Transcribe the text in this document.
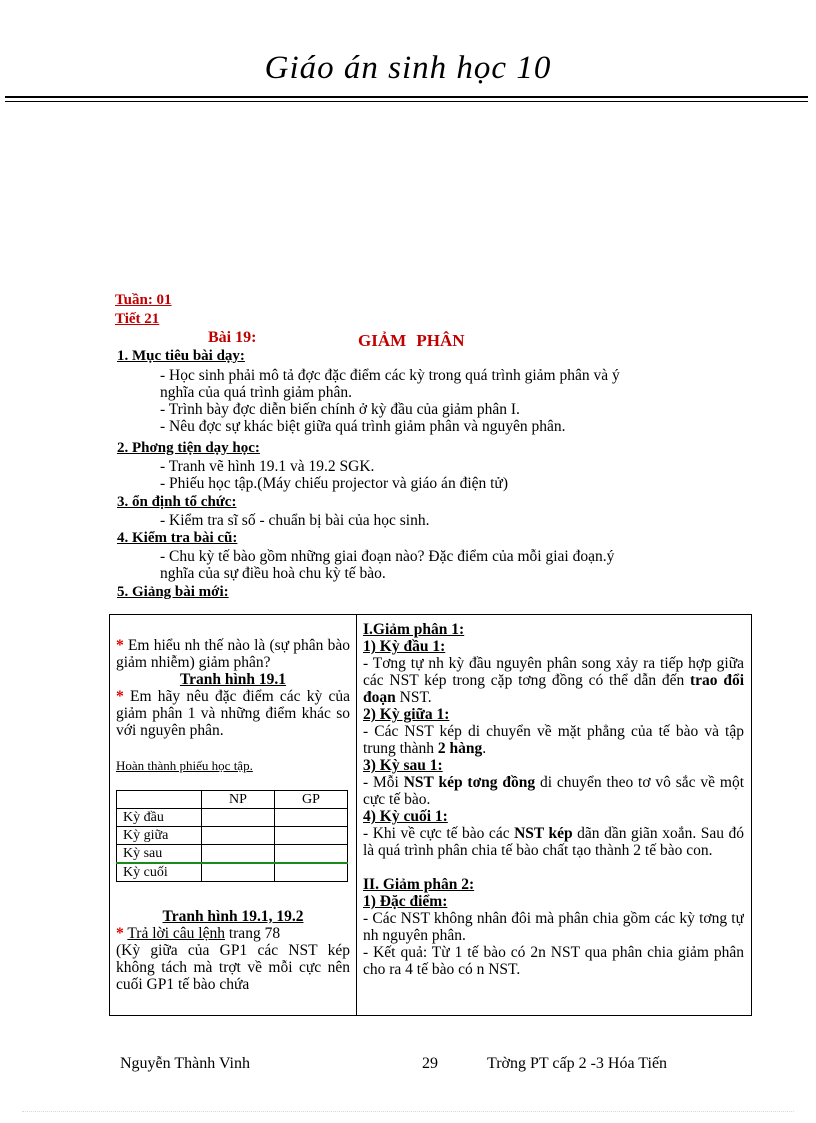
Giáo án sinh học 10
Tuần: 01
Tiết 21
Bài 19:	GIẢM PHÂN
1. Mục tiêu bài dạy:
- Học sinh phải mô tả đợc đặc điểm các kỳ trong quá trình giảm phân và ý
nghĩa của quá trình giảm phân.
- Trình bày đợc diễn biến chính ở kỳ đầu của giảm phân I.
- Nêu đợc sự khác biệt giữa quá trình giảm phân và nguyên phân.
2. Phơng tiện dạy học:
- Tranh vẽ hình 19.1 và 19.2 SGK.
- Phiếu học tập.(Máy chiếu projector và giáo án điện tử)
3. ổn định tổ chức:
- Kiểm tra sĩ số - chuẩn bị bài của học sinh.
4. Kiểm tra bài cũ:
- Chu kỳ tế bào gồm những giai đoạn nào? Đặc điểm của mỗi giai đoạn.ý
nghĩa của sự điều hoà chu kỳ tế bào.
5. Giảng bài mới:
* Em hiểu nh thế nào là (sự phân bào giảm nhiễm) giảm phân?
Tranh hình 19.1
* Em hãy nêu đặc điểm các kỳ của giảm phân 1 và những điểm khác so với nguyên phân.
Hoàn thành phiếu học tập.
	NP	GP
Kỳ đầu		
Kỳ giữa		
Kỳ sau		
Kỳ cuối		
Tranh hình 19.1, 19.2
* Trả lời câu lệnh trang 78
(Kỳ giữa của GP1 các NST kép không tách mà trợt về mỗi cực nên cuối GP1 tế bào chứa
I.Giảm phân 1:
1) Kỳ đầu 1:
- Tơng tự nh kỳ đầu nguyên phân song xảy ra tiếp hợp giữa các NST kép trong cặp tơng đồng có thể dẫn đến trao đổi đoạn NST.
2) Kỳ giữa 1:
- Các NST kép di chuyển về mặt phẳng của tế bào và tập trung thành 2 hàng.
3) Kỳ sau 1:
- Mỗi NST kép tơng đồng di chuyển theo tơ vô sắc về một cực tế bào.
4) Kỳ cuối 1:
- Khi về cực tế bào các NST kép dãn dần giãn xoắn. Sau đó là quá trình phân chia tế bào chất tạo thành 2 tế bào con.
II. Giảm phân 2:
1) Đặc điểm:
- Các NST không nhân đôi mà phân chia gồm các kỳ tơng tự nh nguyên phân.
- Kết quả: Từ 1 tế bào có 2n NST qua phân chia giảm phân cho ra 4 tế bào có n NST.
Nguyễn Thành Vinh	29	Trờng PT cấp 2 -3 Hóa Tiến
